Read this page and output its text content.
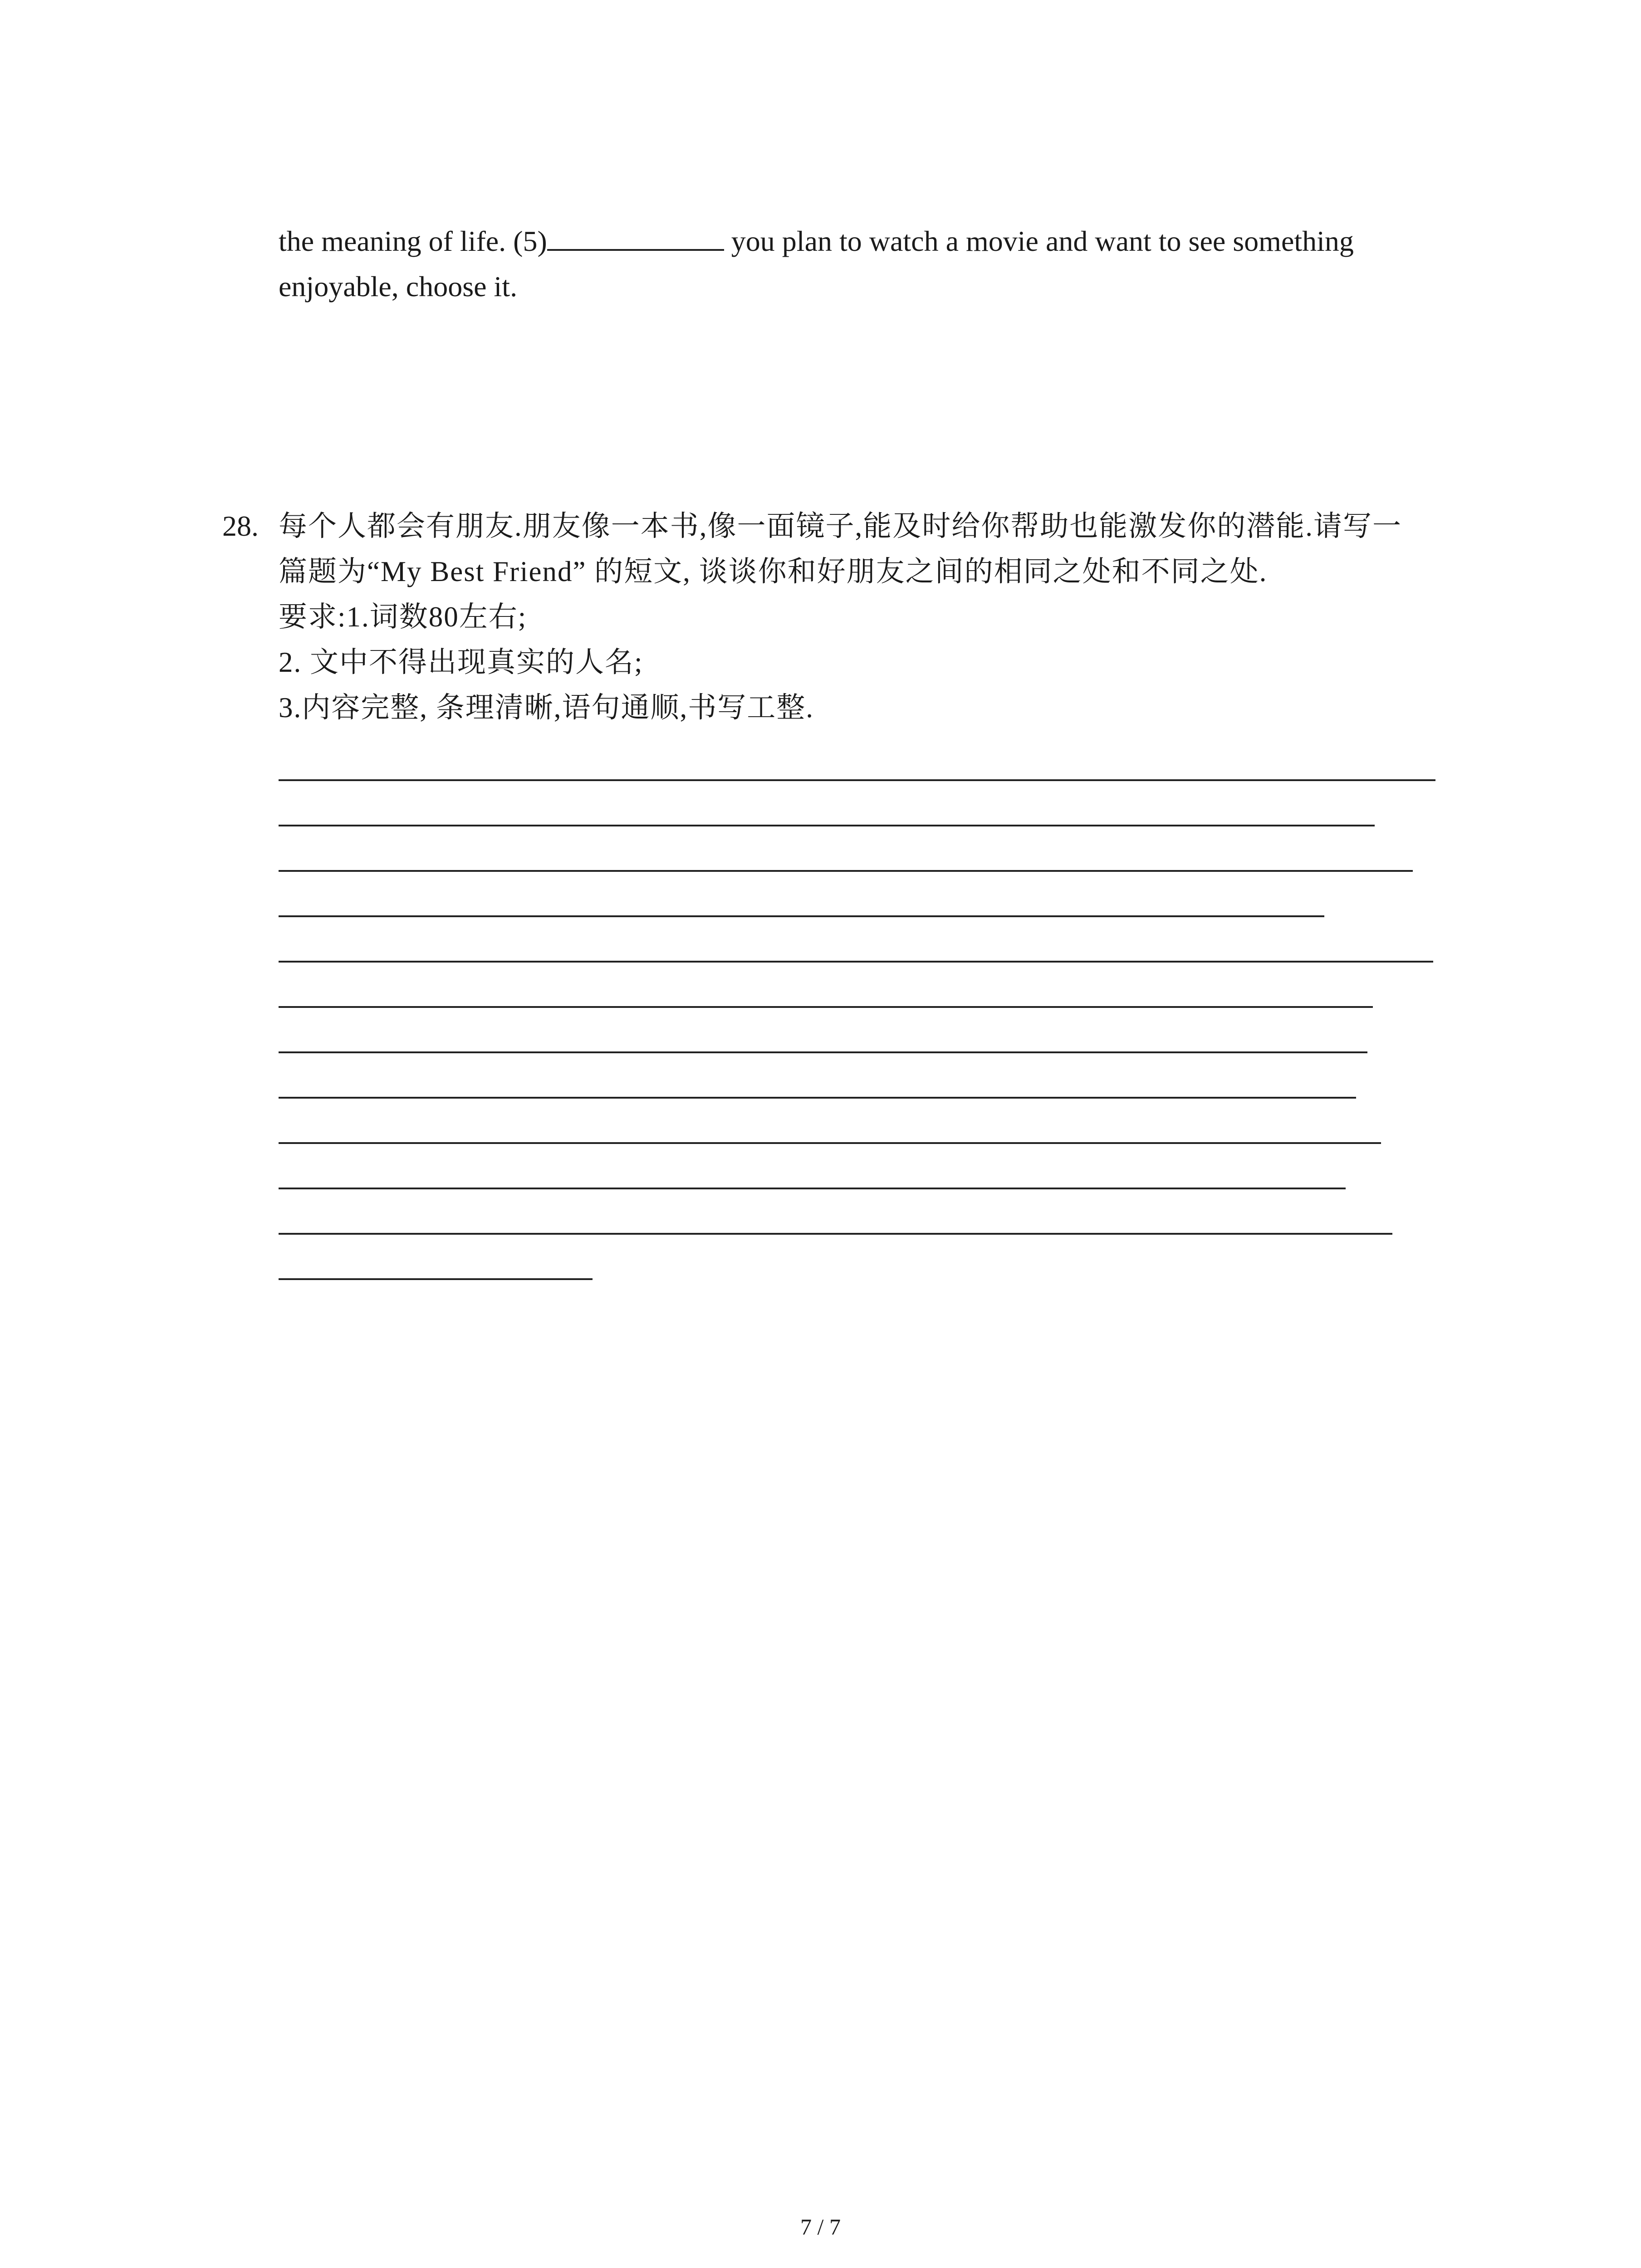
the meaning of life. (5)	you plan to watch a movie and want to see something
enjoyable, choose it.
28. 每个人都会有朋友.朋友像一本书,像一面镜子,能及时给你帮助也能激发你的潜能.请写一
篇题为“My Best Friend” 的短文, 谈谈你和好朋友之间的相同之处和不同之处.
要求:1.词数80左右;
2. 文中不得出现真实的人名;
3.内容完整, 条理清晰,语句通顺,书写工整.
7 / 7
